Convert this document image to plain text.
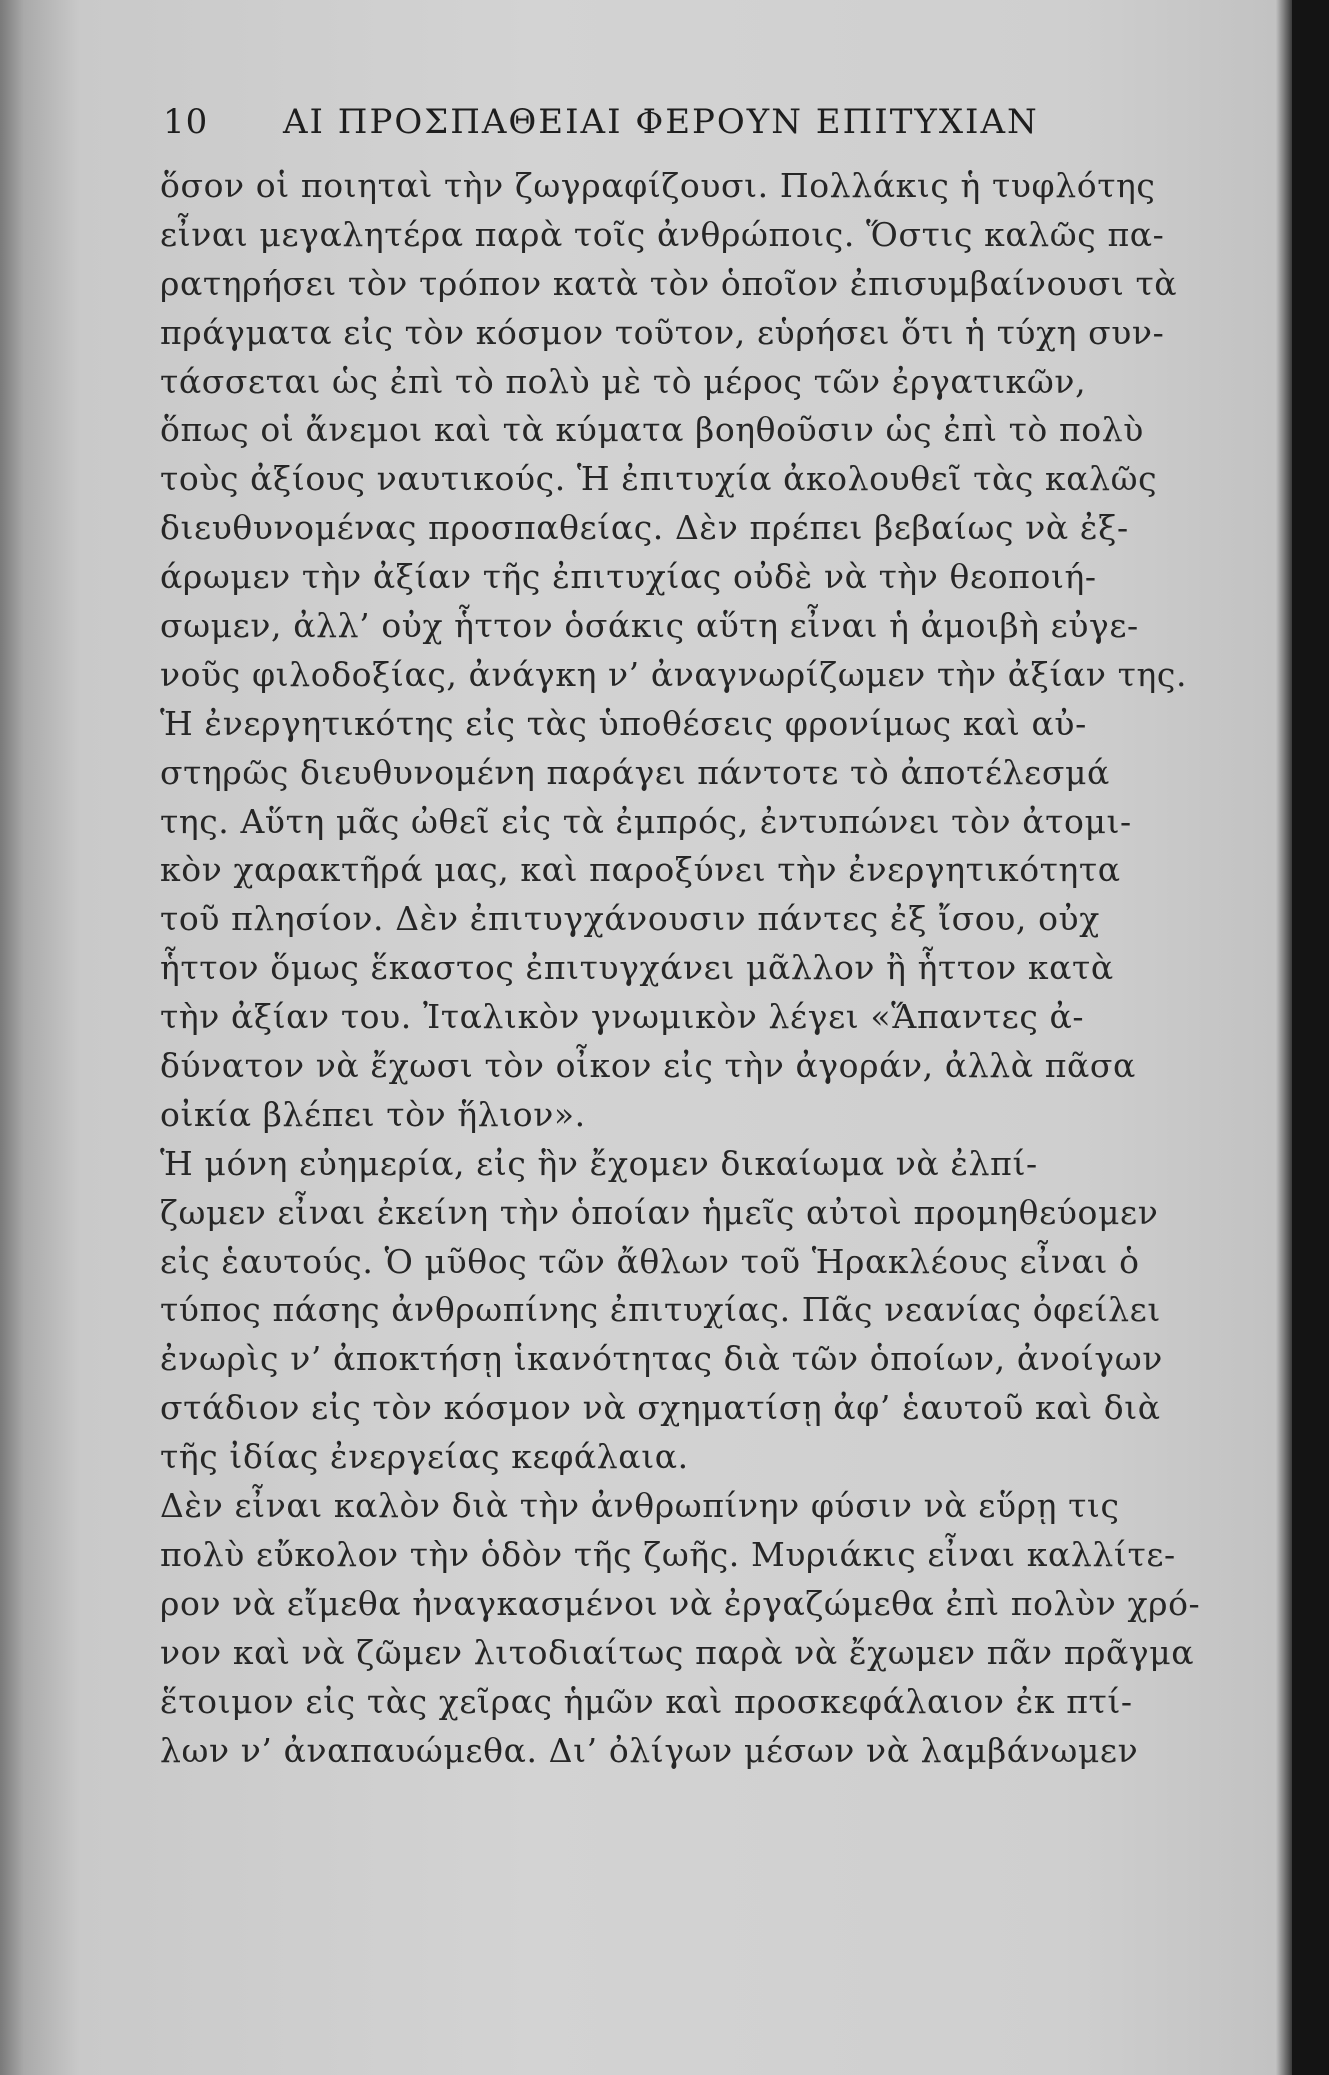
10	ΑΙ ΠΡΟΣΠΑΘΕΙΑΙ ΦΕΡΟΥΝ ΕΠΙΤΥΧΙΑΝ
ὅσον οἱ ποιηταὶ τὴν ζωγραφίζουσι. Πολλάκις ἡ τυφλότης
εἶναι μεγαλητέρα παρὰ τοῖς ἀνθρώποις. Ὅστις καλῶς πα-
ρατηρήσει τὸν τρόπον κατὰ τὸν ὁποῖον ἐπισυμβαίνουσι τὰ
πράγματα εἰς τὸν κόσμον τοῦτον, εὑρήσει ὅτι ἡ τύχη συν-
τάσσεται ὡς ἐπὶ τὸ πολὺ μὲ τὸ μέρος τῶν ἐργατικῶν,
ὅπως οἱ ἄνεμοι καὶ τὰ κύματα βοηθοῦσιν ὡς ἐπὶ τὸ πολὺ
τοὺς ἀξίους ναυτικούς. Ἡ ἐπιτυχία ἀκολουθεῖ τὰς καλῶς
διευθυνομένας προσπαθείας. Δὲν πρέπει βεβαίως νὰ ἐξ-
άρωμεν τὴν ἀξίαν τῆς ἐπιτυχίας οὐδὲ νὰ τὴν θεοποιή-
σωμεν, ἀλλ’ οὐχ ἧττον ὁσάκις αὕτη εἶναι ἡ ἀμοιβὴ εὐγε-
νοῦς φιλοδοξίας, ἀνάγκη ν’ ἀναγνωρίζωμεν τὴν ἀξίαν της.
Ἡ ἐνεργητικότης εἰς τὰς ὑποθέσεις φρονίμως καὶ αὐ-
στηρῶς διευθυνομένη παράγει πάντοτε τὸ ἀποτέλεσμά
της. Αὕτη μᾶς ὠθεῖ εἰς τὰ ἐμπρός, ἐντυπώνει τὸν ἀτομι-
κὸν χαρακτῆρά μας, καὶ παροξύνει τὴν ἐνεργητικότητα
τοῦ πλησίον. Δὲν ἐπιτυγχάνουσιν πάντες ἐξ ἴσου, οὐχ
ἧττον ὅμως ἕκαστος ἐπιτυγχάνει μᾶλλον ἢ ἧττον κατὰ
τὴν ἀξίαν του. Ἰταλικὸν γνωμικὸν λέγει «Ἅπαντες ἀ-
δύνατον νὰ ἔχωσι τὸν οἶκον εἰς τὴν ἀγοράν, ἀλλὰ πᾶσα
οἰκία βλέπει τὸν ἥλιον».
Ἡ μόνη εὐημερία, εἰς ἣν ἔχομεν δικαίωμα νὰ ἐλπί-
ζωμεν εἶναι ἐκείνη τὴν ὁποίαν ἡμεῖς αὐτοὶ προμηθεύομεν
εἰς ἑαυτούς. Ὁ μῦθος τῶν ἄθλων τοῦ Ἡρακλέους εἶναι ὁ
τύπος πάσης ἀνθρωπίνης ἐπιτυχίας. Πᾶς νεανίας ὀφείλει
ἐνωρὶς ν’ ἀποκτήσῃ ἱκανότητας διὰ τῶν ὁποίων, ἀνοίγων
στάδιον εἰς τὸν κόσμον νὰ σχηματίσῃ ἀφ’ ἑαυτοῦ καὶ διὰ
τῆς ἰδίας ἐνεργείας κεφάλαια.
Δὲν εἶναι καλὸν διὰ τὴν ἀνθρωπίνην φύσιν νὰ εὕρῃ τις
πολὺ εὔκολον τὴν ὁδὸν τῆς ζωῆς. Μυριάκις εἶναι καλλίτε-
ρον νὰ εἴμεθα ἠναγκασμένοι νὰ ἐργαζώμεθα ἐπὶ πολὺν χρό-
νον καὶ νὰ ζῶμεν λιτοδιαίτως παρὰ νὰ ἔχωμεν πᾶν πρᾶγμα
ἕτοιμον εἰς τὰς χεῖρας ἡμῶν καὶ προσκεφάλαιον ἐκ πτί-
λων ν’ ἀναπαυώμεθα. Δι’ ὀλίγων μέσων νὰ λαμβάνωμεν
